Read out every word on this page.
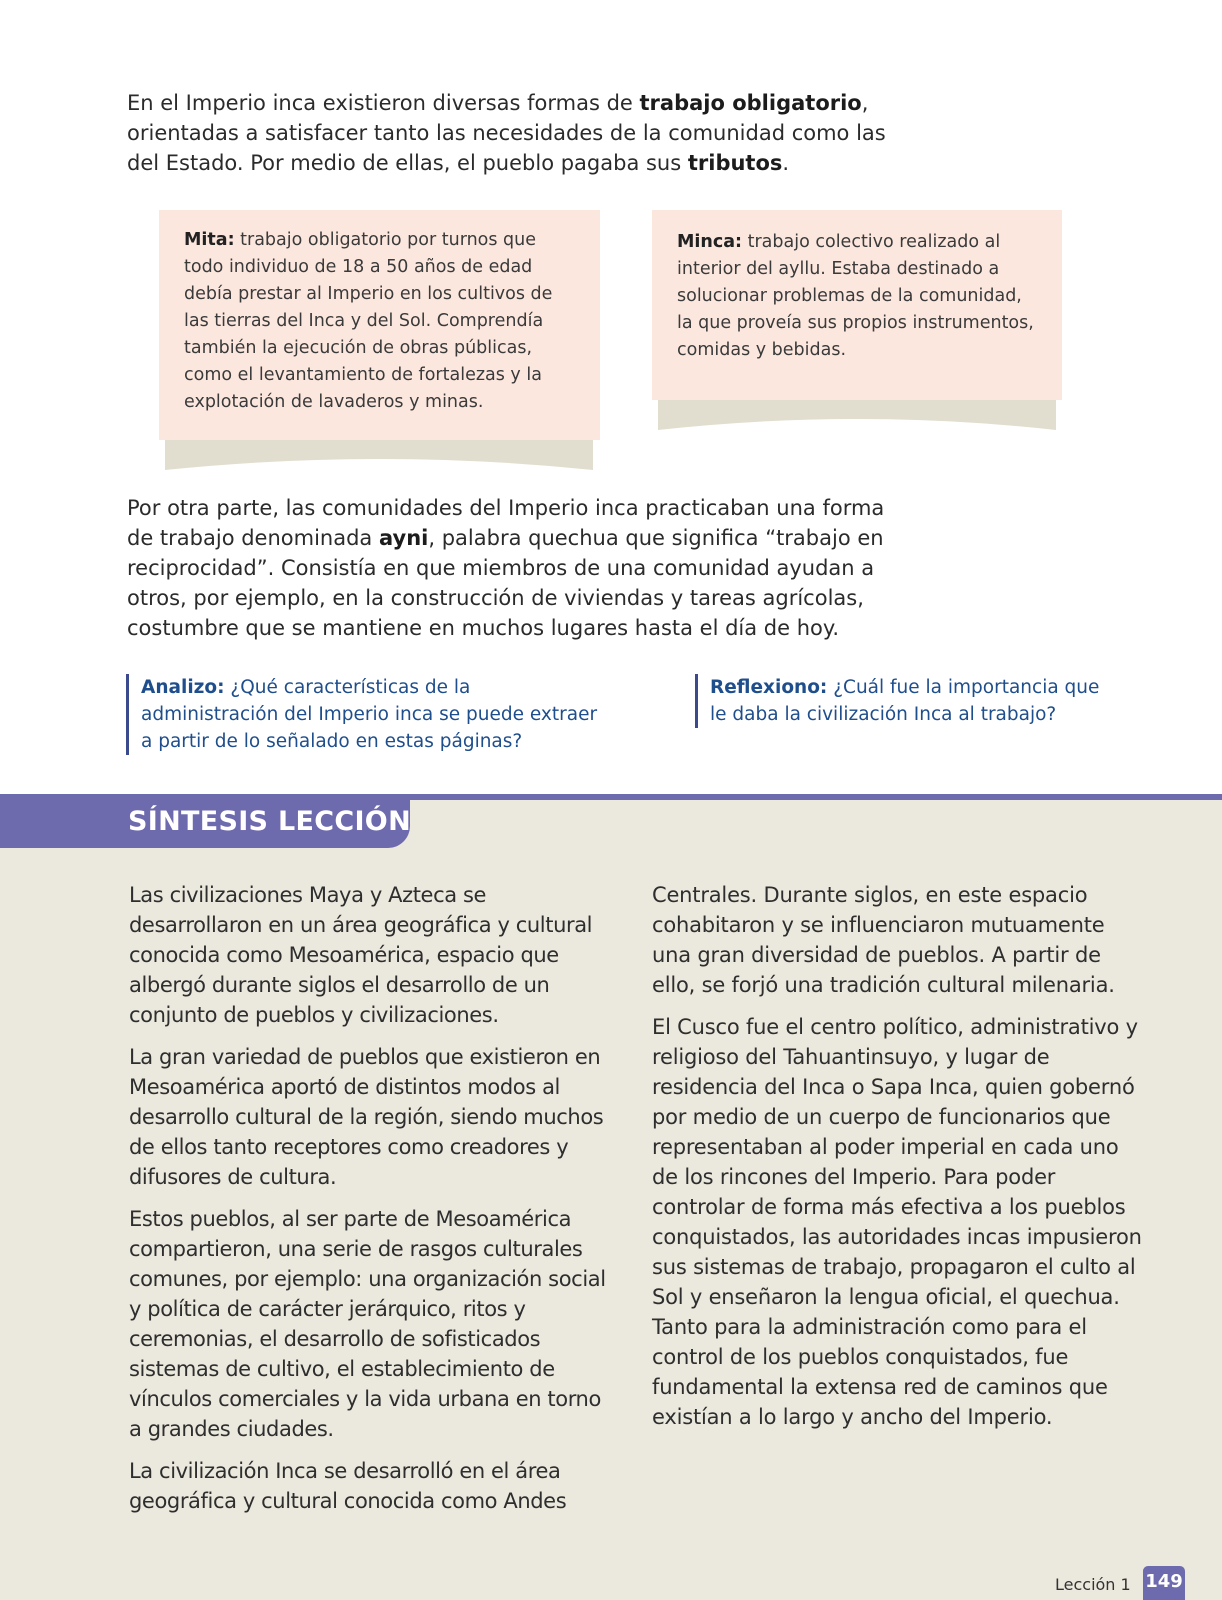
En el Imperio inca existieron diversas formas de trabajo obligatorio, orientadas a satisfacer tanto las necesidades de la comunidad como las del Estado. Por medio de ellas, el pueblo pagaba sus tributos.

Mita: trabajo obligatorio por turnos que todo individuo de 18 a 50 años de edad debía prestar al Imperio en los cultivos de las tierras del Inca y del Sol. Comprendía también la ejecución de obras públicas, como el levantamiento de fortalezas y la explotación de lavaderos y minas.
Minca: trabajo colectivo realizado al interior del ayllu. Estaba destinado a solucionar problemas de la comunidad, la que proveía sus propios instrumentos, comidas y bebidas.

Por otra parte, las comunidades del Imperio inca practicaban una forma de trabajo denominada ayni, palabra quechua que significa “trabajo en reciprocidad”. Consistía en que miembros de una comunidad ayudan a otros, por ejemplo, en la construcción de viviendas y tareas agrícolas, costumbre que se mantiene en muchos lugares hasta el día de hoy.

Analizo: ¿Qué características de la administración del Imperio inca se puede extraer a partir de lo señalado en estas páginas?
Reflexiono: ¿Cuál fue la importancia que le daba la civilización Inca al trabajo?
SÍNTESIS LECCIÓN

Las civilizaciones Maya y Azteca se desarrollaron en un área geográfica y cultural conocida como Mesoamérica, espacio que albergó durante siglos el desarrollo de un conjunto de pueblos y civilizaciones.

La gran variedad de pueblos que existieron en Mesoamérica aportó de distintos modos al desarrollo cultural de la región, siendo muchos de ellos tanto receptores como creadores y difusores de cultura.

Estos pueblos, al ser parte de Mesoamérica compartieron, una serie de rasgos culturales comunes, por ejemplo: una organización social y política de carácter jerárquico, ritos y ceremonias, el desarrollo de sofisticados sistemas de cultivo, el establecimiento de vínculos comerciales y la vida urbana en torno a grandes ciudades.

La civilización Inca se desarrolló en el área geográfica y cultural conocida como Andes

Centrales. Durante siglos, en este espacio cohabitaron y se influenciaron mutuamente una gran diversidad de pueblos. A partir de ello, se forjó una tradición cultural milenaria.

El Cusco fue el centro político, administrativo y religioso del Tahuantinsuyo, y lugar de residencia del Inca o Sapa Inca, quien gobernó por medio de un cuerpo de funcionarios que representaban al poder imperial en cada uno de los rincones del Imperio. Para poder controlar de forma más efectiva a los pueblos conquistados, las autoridades incas impusieron sus sistemas de trabajo, propagaron el culto al Sol y enseñaron la lengua oficial, el quechua. Tanto para la administración como para el control de los pueblos conquistados, fue fundamental la extensa red de caminos que existían a lo largo y ancho del Imperio.

Lección 1 149
